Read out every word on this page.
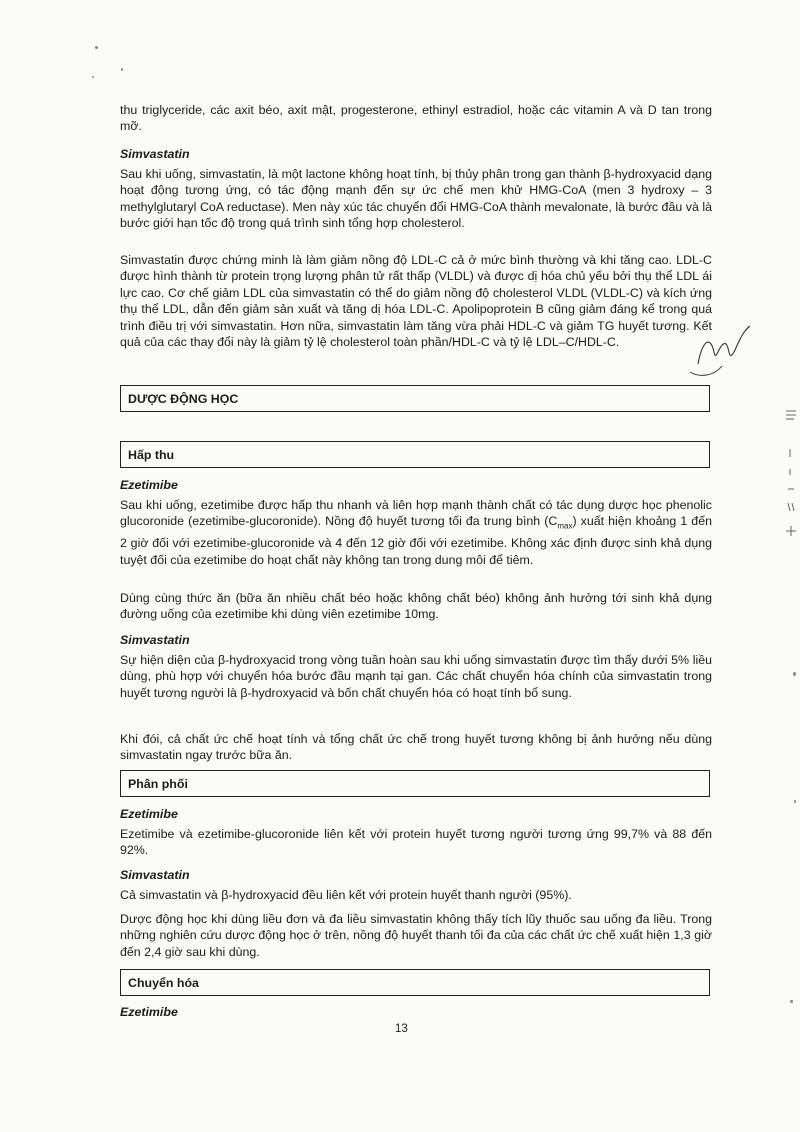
thu triglyceride, các axit béo, axit mật, progesterone, ethinyl estradiol, hoặc các vitamin A và D tan trong mỡ.

Simvastatin

Sau khi uống, simvastatin, là một lactone không hoạt tính, bị thủy phân trong gan thành β-hydroxyacid dạng hoạt động tương ứng, có tác động mạnh đến sự ức chế men khử HMG-CoA (men 3 hydroxy – 3 methylglutaryl CoA reductase). Men này xúc tác chuyển đổi HMG-CoA thành mevalonate, là bước đầu và là bước giới hạn tốc độ trong quá trình sinh tổng hợp cholesterol.

Simvastatin được chứng minh là làm giảm nồng độ LDL-C cả ở mức bình thường và khi tăng cao. LDL-C được hình thành từ protein trọng lượng phân tử rất thấp (VLDL) và được dị hóa chủ yếu bởi thụ thể LDL ái lực cao. Cơ chế giảm LDL của simvastatin có thể do giảm nồng độ cholesterol VLDL (VLDL-C) và kích ứng thụ thể LDL, dẫn đến giảm sản xuất và tăng dị hóa LDL-C. Apolipoprotein B cũng giảm đáng kể trong quá trình điều trị với simvastatin. Hơn nữa, simvastatin làm tăng vừa phải HDL-C và giảm TG huyết tương. Kết quả của các thay đổi này là giảm tỷ lệ cholesterol toàn phần/HDL-C và tỷ lệ LDL–C/HDL-C.

DƯỢC ĐỘNG HỌC
Hấp thu
Ezetimibe

Sau khi uống, ezetimibe được hấp thu nhanh và liên hợp mạnh thành chất có tác dụng dược học phenolic glucoronide (ezetimibe-glucoronide). Nồng độ huyết tương tối đa trung bình $(C_{max})$ xuất hiện khoảng 1 đến 2 giờ đối với ezetimibe-glucoronide và 4 đến 12 giờ đối với ezetimibe. Không xác định được sinh khả dụng tuyệt đối của ezetimibe do hoạt chất này không tan trong dung môi để tiêm.

Dùng cùng thức ăn (bữa ăn nhiều chất béo hoặc không chất béo) không ảnh hưởng tới sinh khả dụng đường uống của ezetimibe khi dùng viên ezetimibe 10mg.

Simvastatin

Sự hiện diện của β-hydroxyacid trong vòng tuần hoàn sau khi uống simvastatin được tìm thấy dưới 5% liều dùng, phù hợp với chuyển hóa bước đầu mạnh tại gan. Các chất chuyển hóa chính của simvastatin trong huyết tương người là β-hydroxyacid và bốn chất chuyển hóa có hoạt tính bổ sung.

Khi đói, cả chất ức chế hoạt tính và tổng chất ức chế trong huyết tương không bị ảnh hưởng nếu dùng simvastatin ngay trước bữa ăn.

Phân phối
Ezetimibe

Ezetimibe và ezetimibe-glucoronide liên kết với protein huyết tương người tương ứng 99,7% và 88 đến 92%.

Simvastatin

Cả simvastatin và β-hydroxyacid đều liên kết với protein huyết thanh người (95%).

Dược động học khi dùng liều đơn và đa liều simvastatin không thấy tích lũy thuốc sau uống đa liều. Trong những nghiên cứu dược động học ở trên, nồng độ huyết thanh tối đa của các chất ức chế xuất hiện 1,3 giờ đến 2,4 giờ sau khi dùng.

Chuyển hóa
Ezetimibe
13
